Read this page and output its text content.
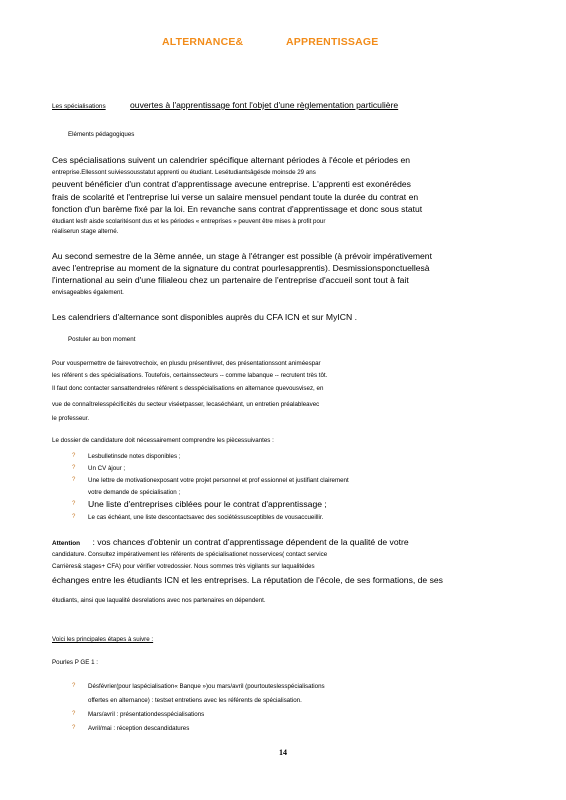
ALTERNANCE&	APPRENTISSAGE
Les spécialisations	ouvertes à l'apprentissage font l'objet d'une règlementation particulière
Eléments pédagogiques
Ces spécialisations suivent un calendrier spécifique alternant périodes à l'école et périodes en
entreprise.Ellessont suiviessousstatut apprenti ou étudiant. Lesétudiantsâgésde moinsde 29 ans
peuvent bénéficier d'un contrat d'apprentissage avecune entreprise. L'apprenti est exonérédes
frais de scolarité et l'entreprise lui verse un salaire mensuel pendant toute la durée du contrat en
fonction d'un barème fixé par la loi. En revanche sans contrat d'apprentissage et donc sous statut
étudiant lesfr aisde scolaritésont dus et les périodes « entreprises » peuvent être mises à profit pour
réaliserun stage alterné.
Au second semestre de la 3ème année, un stage à l'étranger est possible (à prévoir impérativement
avec l'entreprise au moment de la signature du contrat pourlesapprentis). Desmissionsponctuellesà
l'international au sein d'une filialeou chez un partenaire de l'entreprise d'accueil sont tout à fait
envisageables également.
Les calendriers d'alternance sont disponibles auprès du CFA ICN et sur MyICN .
Postuler au bon moment
Pour vouspermettre de fairevotrechoix, en plusdu présentlivret, des présentationssont animéespar
les référent s des spécialisations. Toutefois, certainssecteurs -- comme labanque -- recrutent très tôt.
Il faut donc contacter sansattendreles référent s desspécialisations en alternance quevousvisez, en
vue de connaîtrelesspécificités du secteur viséetpasser, lecaséchéant, un entretien préalableavec
le professeur.
Le dossier de candidature doit nécessairement comprendre les piècessuivantes :
? Lesbulletinsde notes disponibles ;
? Un CV àjour ;
? Une lettre de motivationexposant votre projet personnel et prof essionnel et justifiant clairement
votre demande de spécialisation ;
? Une liste d'entreprises ciblées pour le contrat d'apprentissage ;
? Le cas échéant, une liste descontactsavec des sociétéssusceptibles de vousaccueillir.
Attention : vos chances d'obtenir un contrat d'apprentissage dépendent de la qualité de votre
candidature. Consultez impérativement les référents de spécialisationet nosservices( contact service
Carrières& stages+ CFA) pour vérifier votredossier. Nous sommes très vigilants sur laqualitédes
échanges entre les étudiants ICN et les entreprises. La réputation de l'école, de ses formations, de ses
étudiants, ainsi que laqualité desrelations avec nos partenaires en dépendent.
Voici les principales étapes à suivre :
Pourles P GE 1 :
? Désfévrier(pour laspécialisation« Banque »)ou mars/avril (pourtouteslesspécialisations
offertes en alternance) : testset entretiens avec les référents de spécialisation.
? Mars/avril : présentationdesspécialisations
? Avril/mai : réception descandidatures
14
